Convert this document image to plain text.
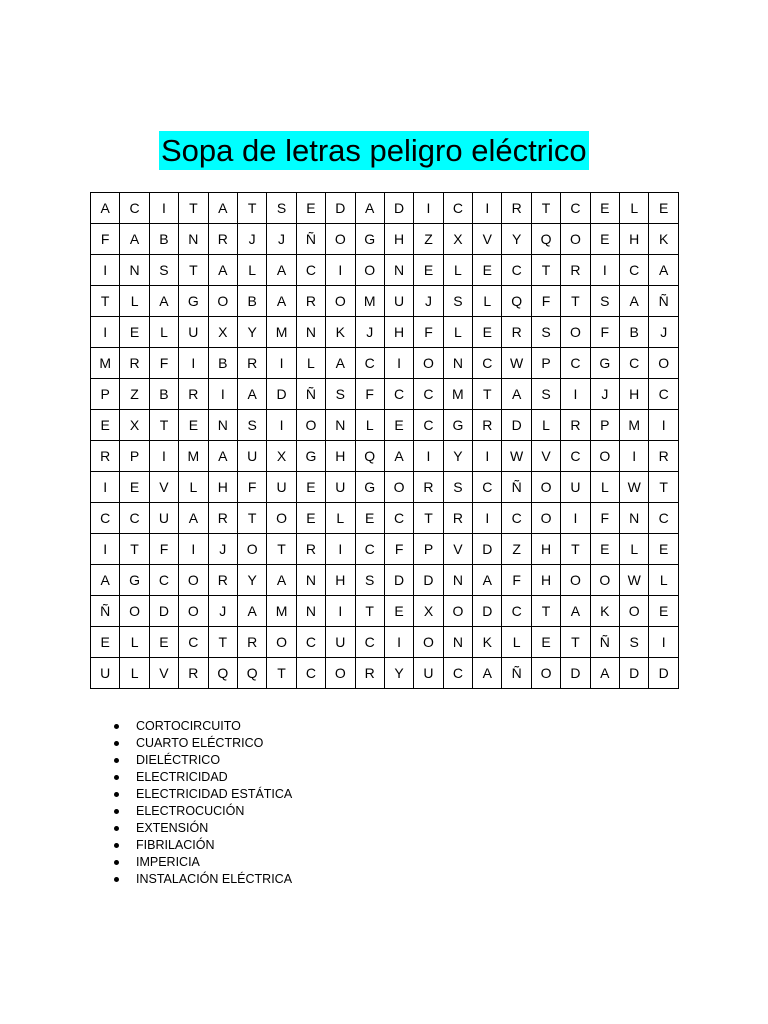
Sopa de letras peligro eléctrico
A	C	I	T	A	T	S	E	D	A	D	I	C	I	R	T	C	E	L	E
F	A	B	N	R	J	J	Ñ	O	G	H	Z	X	V	Y	Q	O	E	H	K
I	N	S	T	A	L	A	C	I	O	N	E	L	E	C	T	R	I	C	A
T	L	A	G	O	B	A	R	O	M	U	J	S	L	Q	F	T	S	A	Ñ
I	E	L	U	X	Y	M	N	K	J	H	F	L	E	R	S	O	F	B	J
M	R	F	I	B	R	I	L	A	C	I	O	N	C	W	P	C	G	C	O
P	Z	B	R	I	A	D	Ñ	S	F	C	C	M	T	A	S	I	J	H	C
E	X	T	E	N	S	I	O	N	L	E	C	G	R	D	L	R	P	M	I
R	P	I	M	A	U	X	G	H	Q	A	I	Y	I	W	V	C	O	I	R
I	E	V	L	H	F	U	E	U	G	O	R	S	C	Ñ	O	U	L	W	T
C	C	U	A	R	T	O	E	L	E	C	T	R	I	C	O	I	F	N	C
I	T	F	I	J	O	T	R	I	C	F	P	V	D	Z	H	T	E	L	E
A	G	C	O	R	Y	A	N	H	S	D	D	N	A	F	H	O	O	W	L
Ñ	O	D	O	J	A	M	N	I	T	E	X	O	D	C	T	A	K	O	E
E	L	E	C	T	R	O	C	U	C	I	O	N	K	L	E	T	Ñ	S	I
U	L	V	R	Q	Q	T	C	O	R	Y	U	C	A	Ñ	O	D	A	D	D
CORTOCIRCUITO
CUARTO ELÉCTRICO
DIELÉCTRICO
ELECTRICIDAD
ELECTRICIDAD ESTÁTICA
ELECTROCUCIÓN
EXTENSIÓN
FIBRILACIÓN
IMPERICIA
INSTALACIÓN ELÉCTRICA
